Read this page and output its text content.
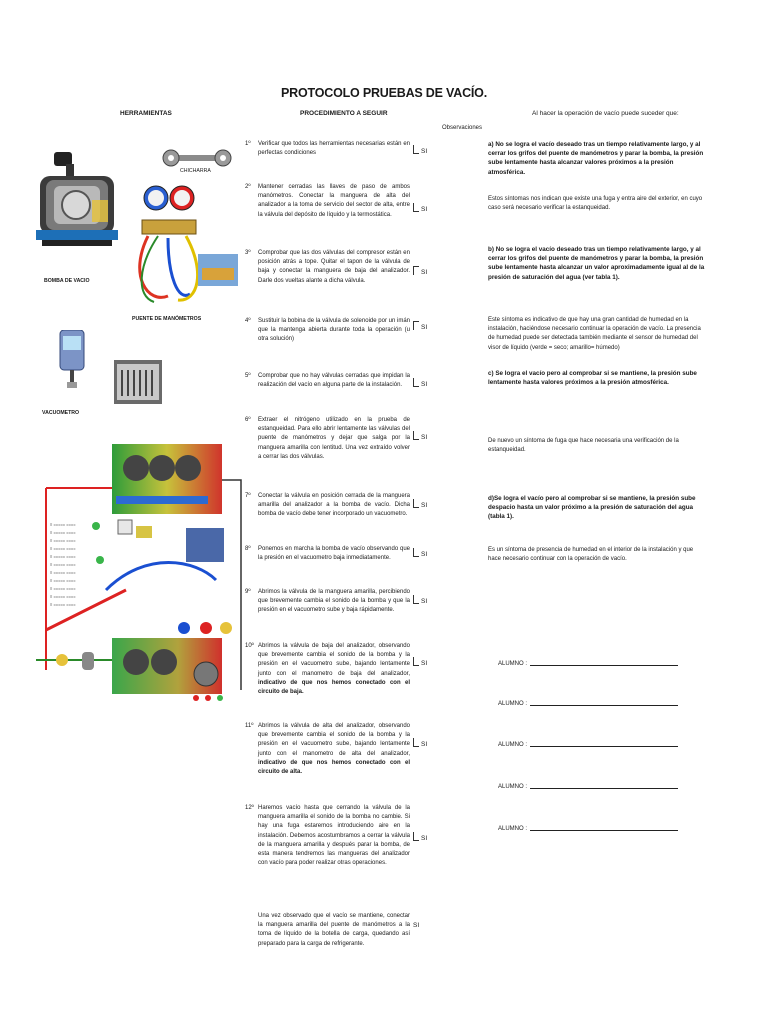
PROTOCOLO PRUEBAS DE VACÍO.
HERRAMIENTAS	PROCEDIMIENTO A SEGUIR	Al hacer la operación de vacío puede suceder que:
Observaciones
BOMBA DE VACIO
CHICHARRA
PUENTE DE MANÓMETROS
VACUOMETRO
≡ ===== ====
≡ ===== ====
≡ ===== ====
≡ ===== ====
≡ ===== ====
≡ ===== ====
≡ ===== ====
≡ ===== ====
≡ ===== ====
≡ ===== ====
≡ ===== ====
1º Verificar que todos las herramientas necesarias están en perfectas condiciones
2º Mantener cerradas las llaves de paso de ambos manómetros. Conectar la manguera de alta del analizador a la toma de servicio del sector de alta, entre la válvula del depósito de líquido y la termostática.
3º Comprobar que las dos válvulas del compresor están en posición atrás a tope. Quitar el tapon de la válvula de baja y conectar la manguera de baja del analizador. Darle dos vueltas alante a dicha válvula.
4º Sustituir la bobina de la válvula de solenoide por un imán que la mantenga abierta durante toda la operación (u otra solución)
5º Comprobar que no hay válvulas cerradas que impidan la realización del vacío en alguna parte de la instalación.
6º Extraer el nitrógeno utilizado en la prueba de estanqueidad. Para ello abrir lentamente las válvulas del puente de manómetros y dejar que salga por la manguera amarilla con lentitud. Una vez extraído volver a cerrar las dos válvulas.
7º Conectar la válvula en posición cerrada de la manguera amarilla del analizador a la bomba de vacío. Dicha bomba de vacío debe tener incorporado un vacuometro.
8º Ponemos en marcha la bomba de vacío observando que la presión en el vacuometro baja inmediatamente.
9º Abrimos la válvula de la manguera amarilla, percibiendo que brevemente cambia el sonido de la bomba y que la presión en el vacuometro sube y baja rápidamente.
10º Abrimos la válvula de baja del analizador, observando que brevemente cambia el sonido de la bomba y la presión en el vacuometro sube, bajando lentamente junto con el manometro de baja del analizador, indicativo de que nos hemos conectado con el circuito de baja.
11º Abrimos la válvula de alta del analizador, observando que brevemente cambia el sonido de la bomba y la presión en el vacuometro sube, bajando lentamente junto con el manometro de alta del analizador, indicativo de que nos hemos conectado con el circuito de alta.
12º Haremos vacío hasta que cerrando la válvula de la manguera amarilla el sonido de la bomba no cambie. Si hay una fuga estaremos introduciendo aire en la instalación. Debemos acostumbramos a cerrar la válvula de la manguera amarilla y después parar la bomba, de esta manera tendremos las mangueras del analizador con vacío para poder realizar otras operaciones.
Una vez observado que el vacío se mantiene, conectar la manguera amarilla del puente de manómetros a la toma de líquido de la botella de carga, quedando así preparado para la carga de refrigerante.
SI
SI
SI
SI
SI
SI
SI
SI
SI
SI
SI
SI
SI
a) No se logra el vacío deseado tras un tiempo relativamente largo, y al cerrar los grifos del puente de manómetros y parar la bomba, la presión sube lentamente hasta alcanzar valores próximos a la presión atmosférica.
Estos síntomas nos indican que existe una fuga y entra aire del exterior, en cuyo caso será necesario verificar la estanqueidad.
b) No se logra el vacío deseado tras un tiempo relativamente largo, y al cerrar los grifos del puente de manómetros y parar la bomba, la presión sube lentamente hasta alcanzar un valor aproximadamente igual al de la presión de saturación del agua (ver tabla 1).
Este síntoma es indicativo de que hay una gran cantidad de humedad en la instalación, haciéndose necesario continuar la operación de vacío. La presencia de humedad puede ser detectada también mediante el sensor de humedad del visor de líquido (verde = seco; amarillo= húmedo)
c) Se logra el vacío pero al comprobar si se mantiene, la presión sube lentamente hasta valores próximos a la presión atmosférica.
De nuevo un síntoma de fuga que hace necesaria una verificación de la estanqueidad.
d)Se logra el vacío pero al comprobar si se mantiene, la presión sube despacio hasta un valor próximo a la presión de saturación del agua (tabla 1).
Es un síntoma de presencia de humedad en el interior de la instalación y que hace necesario continuar con la operación de vacío.
ALUMNO :
ALUMNO :
ALUMNO :
ALUMNO :
ALUMNO :
